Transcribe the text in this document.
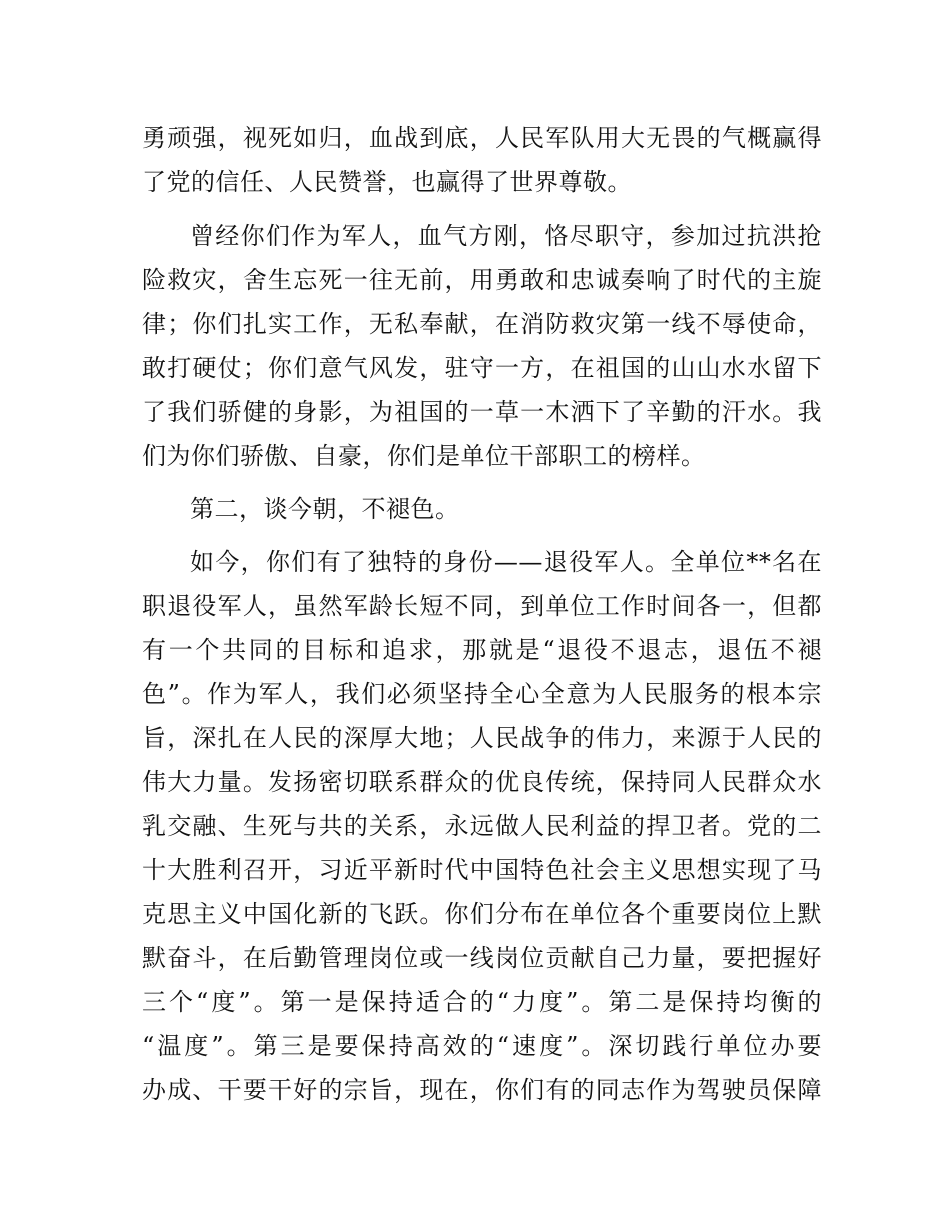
勇顽强，视死如归，血战到底，人民军队用大无畏的气概赢得
了党的信任、人民赞誉，也赢得了世界尊敬。
曾经你们作为军人，血气方刚，恪尽职守，参加过抗洪抢
险救灾，舍生忘死一往无前，用勇敢和忠诚奏响了时代的主旋
律；你们扎实工作，无私奉献，在消防救灾第一线不辱使命，
敢打硬仗；你们意气风发，驻守一方，在祖国的山山水水留下
了我们骄健的身影，为祖国的一草一木洒下了辛勤的汗水。我
们为你们骄傲、自豪，你们是单位干部职工的榜样。
第二，谈今朝，不褪色。
如今，你们有了独特的身份——退役军人。全单位**名在
职退役军人，虽然军龄长短不同，到单位工作时间各一，但都
有一个共同的目标和追求，那就是“退役不退志，退伍不褪
色”。作为军人，我们必须坚持全心全意为人民服务的根本宗
旨，深扎在人民的深厚大地；人民战争的伟力，来源于人民的
伟大力量。发扬密切联系群众的优良传统，保持同人民群众水
乳交融、生死与共的关系，永远做人民利益的捍卫者。党的二
十大胜利召开，习近平新时代中国特色社会主义思想实现了马
克思主义中国化新的飞跃。你们分布在单位各个重要岗位上默
默奋斗，在后勤管理岗位或一线岗位贡献自己力量，要把握好
三个“度”。第一是保持适合的“力度”。第二是保持均衡的
“温度”。第三是要保持高效的“速度”。深切践行单位办要
办成、干要干好的宗旨，现在，你们有的同志作为驾驶员保障
